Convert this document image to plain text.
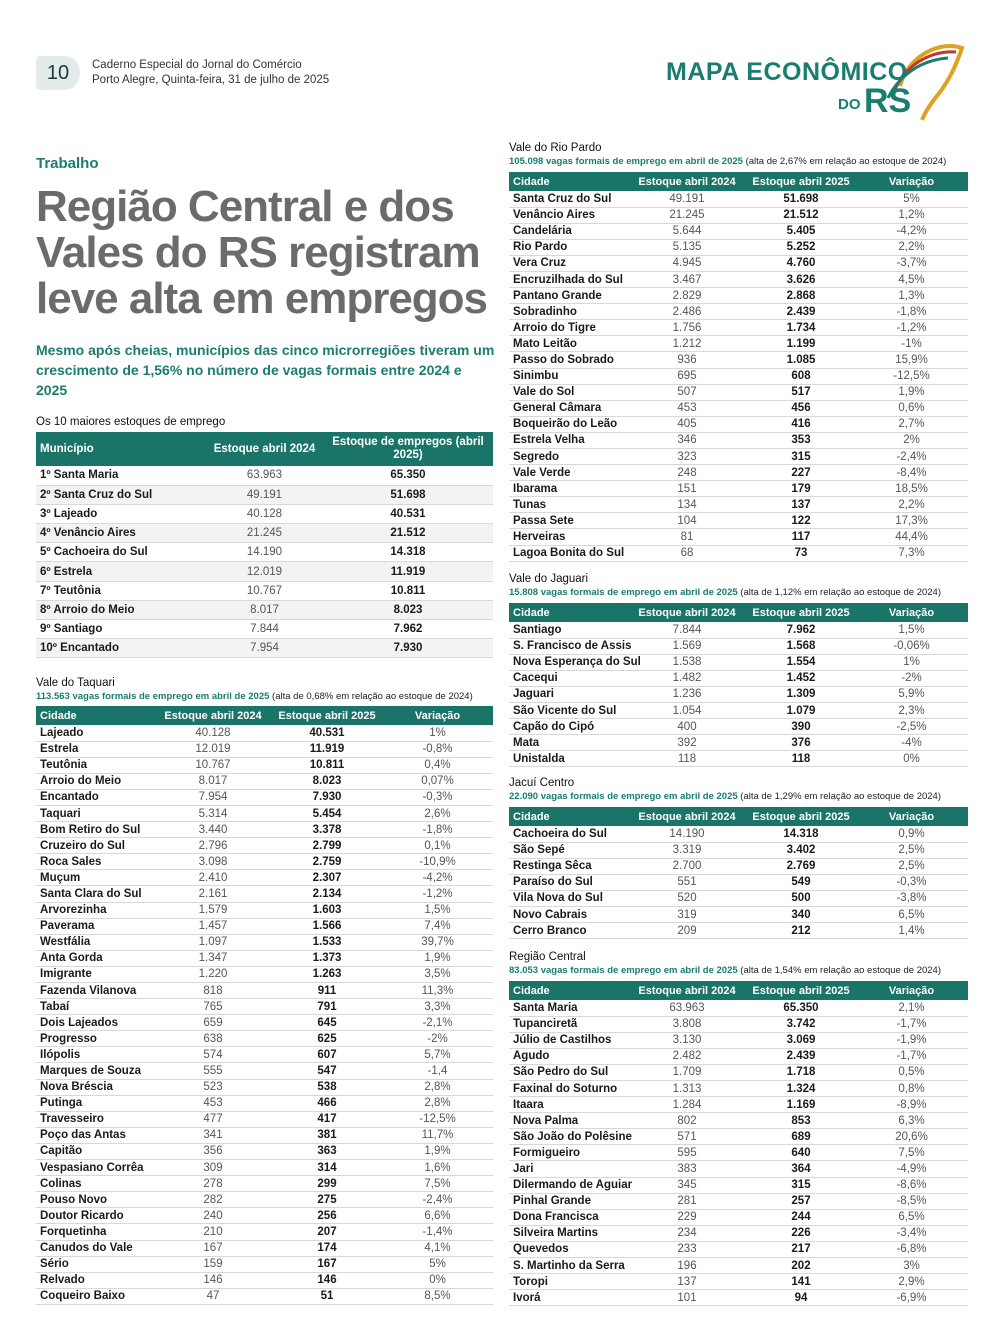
10	Caderno Especial do Jornal do Comércio
Porto Alegre, Quinta-feira, 31 de julho de 2025	MAPA ECONÔMICO
DO RS
Trabalho
Região Central e dos Vales do RS registram leve alta em empregos
Mesmo após cheias, municípios das cinco microrregiões tiveram um crescimento de 1,56% no número de vagas formais entre 2024 e 2025
Os 10 maiores estoques de emprego
Município	Estoque abril 2024	Estoque de empregos (abril 2025)
1º Santa Maria	63.963	65.350
2º Santa Cruz do Sul	49.191	51.698
3º Lajeado	40.128	40.531
4º Venâncio Aires	21.245	21.512
5º Cachoeira do Sul	14.190	14.318
6º Estrela	12.019	11.919
7º Teutônia	10.767	10.811
8º Arroio do Meio	8.017	8.023
9º Santiago	7.844	7.962
10º Encantado	7.954	7.930
Vale do Taquari
113.563 vagas formais de emprego em abril de 2025 (alta de 0,68% em relação ao estoque de 2024)
Cidade	Estoque abril 2024	Estoque abril 2025	Variação
Lajeado	40.128	40.531	1%
Estrela	12.019	11.919	-0,8%
Teutônia	10.767	10.811	0,4%
Arroio do Meio	8.017	8.023	0,07%
Encantado	7.954	7.930	-0,3%
Taquari	5.314	5.454	2,6%
Bom Retiro do Sul	3.440	3.378	-1,8%
Cruzeiro do Sul	2.796	2.799	0,1%
Roca Sales	3.098	2.759	-10,9%
Muçum	2.410	2.307	-4,2%
Santa Clara do Sul	2.161	2.134	-1,2%
Arvorezinha	1.579	1.603	1,5%
Paverama	1.457	1.566	7,4%
Westfália	1.097	1.533	39,7%
Anta Gorda	1.347	1.373	1,9%
Imigrante	1.220	1.263	3,5%
Fazenda Vilanova	818	911	11,3%
Tabaí	765	791	3,3%
Dois Lajeados	659	645	-2,1%
Progresso	638	625	-2%
Ilópolis	574	607	5,7%
Marques de Souza	555	547	-1,4
Nova Bréscia	523	538	2,8%
Putinga	453	466	2,8%
Travesseiro	477	417	-12,5%
Poço das Antas	341	381	11,7%
Capitão	356	363	1,9%
Vespasiano Corrêa	309	314	1,6%
Colinas	278	299	7,5%
Pouso Novo	282	275	-2,4%
Doutor Ricardo	240	256	6,6%
Forquetinha	210	207	-1,4%
Canudos do Vale	167	174	4,1%
Sério	159	167	5%
Relvado	146	146	0%
Coqueiro Baixo	47	51	8,5%
Vale do Rio Pardo
105.098 vagas formais de emprego em abril de 2025 (alta de 2,67% em relação ao estoque de 2024)
Cidade	Estoque abril 2024	Estoque abril 2025	Variação
Santa Cruz do Sul	49.191	51.698	5%
Venâncio Aires	21.245	21.512	1,2%
Candelária	5.644	5.405	-4,2%
Rio Pardo	5.135	5.252	2,2%
Vera Cruz	4.945	4.760	-3,7%
Encruzilhada do Sul	3.467	3.626	4,5%
Pantano Grande	2.829	2.868	1,3%
Sobradinho	2.486	2.439	-1,8%
Arroio do Tigre	1.756	1.734	-1,2%
Mato Leitão	1.212	1.199	-1%
Passo do Sobrado	936	1.085	15,9%
Sinimbu	695	608	-12,5%
Vale do Sol	507	517	1,9%
General Câmara	453	456	0,6%
Boqueirão do Leão	405	416	2,7%
Estrela Velha	346	353	2%
Segredo	323	315	-2,4%
Vale Verde	248	227	-8,4%
Ibarama	151	179	18,5%
Tunas	134	137	2,2%
Passa Sete	104	122	17,3%
Herveiras	81	117	44,4%
Lagoa Bonita do Sul	68	73	7,3%
Vale do Jaguari
15.808 vagas formais de emprego em abril de 2025 (alta de 1,12% em relação ao estoque de 2024)
Cidade	Estoque abril 2024	Estoque abril 2025	Variação
Santiago	7.844	7.962	1,5%
S. Francisco de Assis	1.569	1.568	-0,06%
Nova Esperança do Sul	1.538	1.554	1%
Cacequi	1.482	1.452	-2%
Jaguari	1.236	1.309	5,9%
São Vicente do Sul	1.054	1.079	2,3%
Capão do Cipó	400	390	-2,5%
Mata	392	376	-4%
Unistalda	118	118	0%
Jacuí Centro
22.090 vagas formais de emprego em abril de 2025 (alta de 1,29% em relação ao estoque de 2024)
Cidade	Estoque abril 2024	Estoque abril 2025	Variação
Cachoeira do Sul	14.190	14.318	0,9%
São Sepé	3.319	3.402	2,5%
Restinga Sêca	2.700	2.769	2,5%
Paraíso do Sul	551	549	-0,3%
Vila Nova do Sul	520	500	-3,8%
Novo Cabrais	319	340	6,5%
Cerro Branco	209	212	1,4%
Região Central
83.053 vagas formais de emprego em abril de 2025 (alta de 1,54% em relação ao estoque de 2024)
Cidade	Estoque abril 2024	Estoque abril 2025	Variação
Santa Maria	63.963	65.350	2,1%
Tupanciretã	3.808	3.742	-1,7%
Júlio de Castilhos	3.130	3.069	-1,9%
Agudo	2.482	2.439	-1,7%
São Pedro do Sul	1.709	1.718	0,5%
Faxinal do Soturno	1.313	1.324	0,8%
Itaara	1.284	1.169	-8,9%
Nova Palma	802	853	6,3%
São João do Polêsine	571	689	20,6%
Formigueiro	595	640	7,5%
Jari	383	364	-4,9%
Dilermando de Aguiar	345	315	-8,6%
Pinhal Grande	281	257	-8,5%
Dona Francisca	229	244	6,5%
Silveira Martins	234	226	-3,4%
Quevedos	233	217	-6,8%
S. Martinho da Serra	196	202	3%
Toropi	137	141	2,9%
Ivorá	101	94	-6,9%
